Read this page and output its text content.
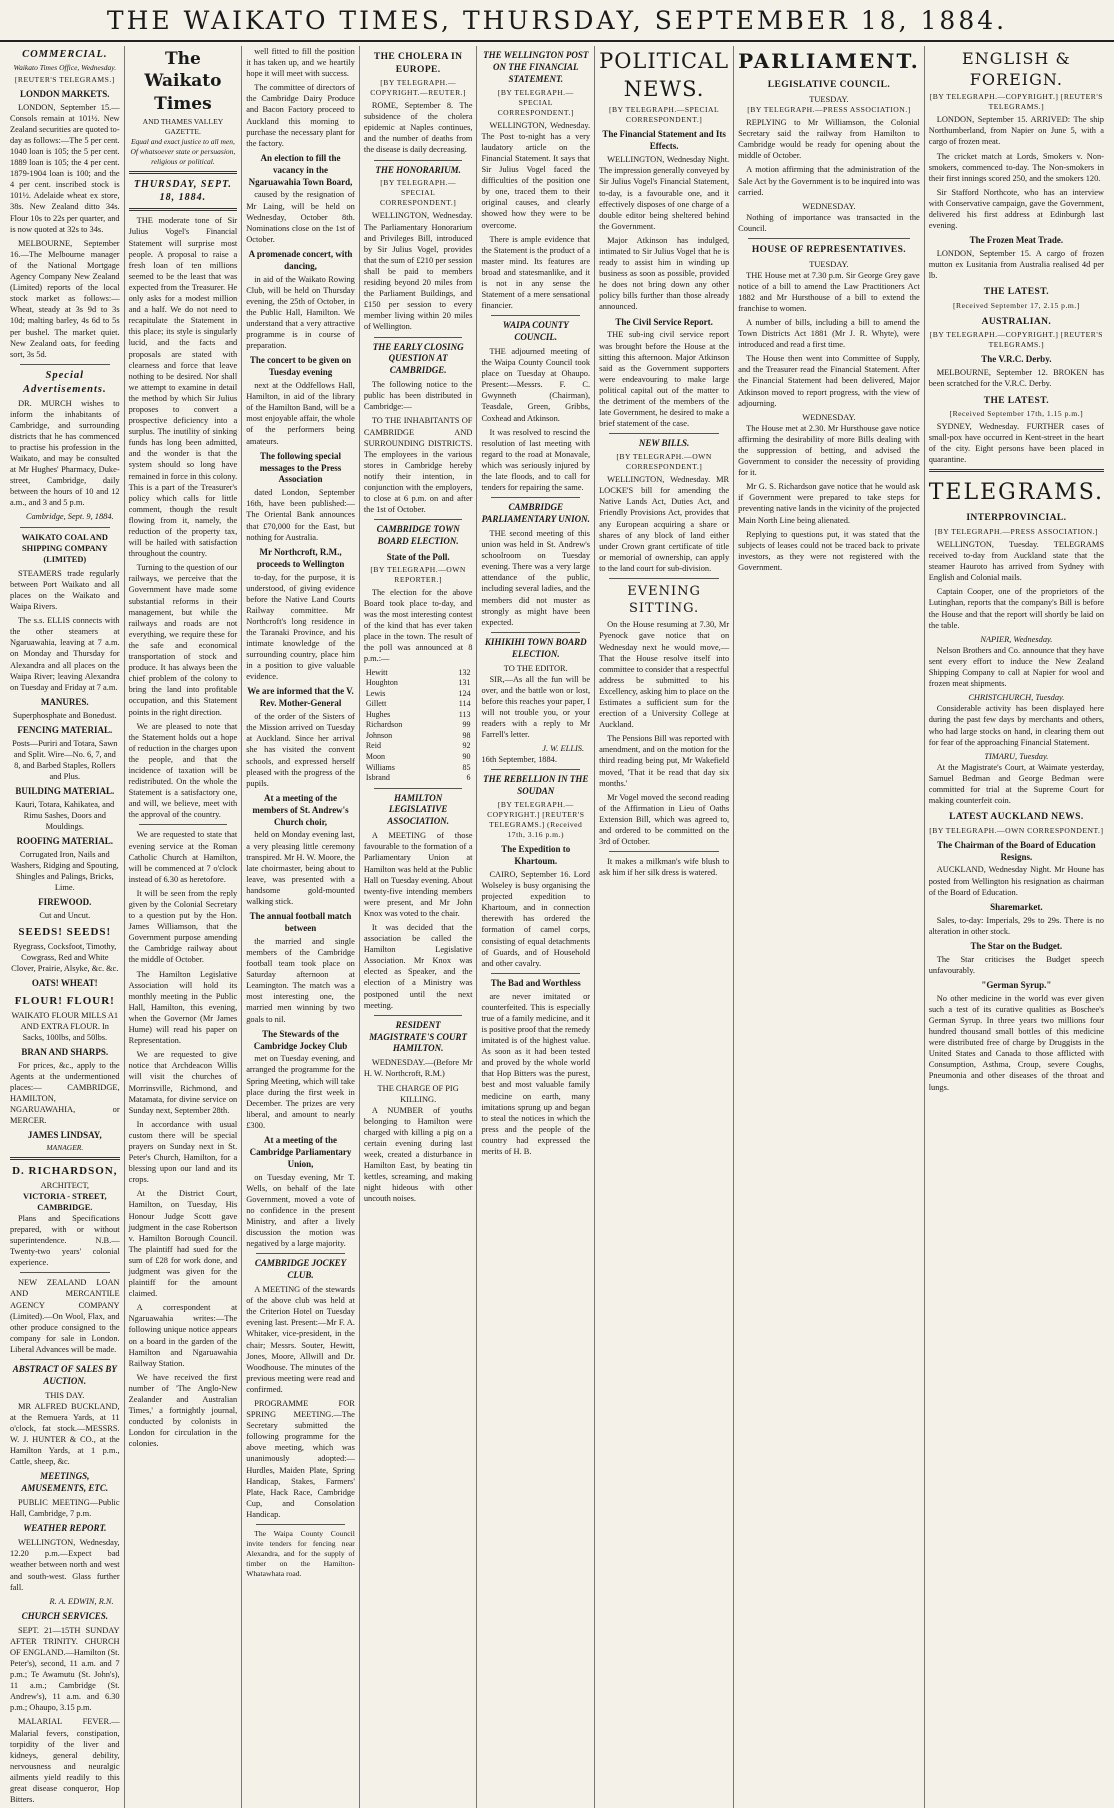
THE WAIKATO TIMES, THURSDAY, SEPTEMBER 18, 1884.
COMMERCIAL.
Waikato Times Office, Wednesday.
[REUTER'S TELEGRAMS.]
LONDON MARKETS.

LONDON, September 15.—Consols remain at 101½. New Zealand securities are quoted to-day as follows:—The 5 per cent. 1040 loan is 105; the 5 per cent. 1889 loan is 105; the 4 per cent. 1879-1904 loan is 100; and the 4 per cent. inscribed stock is 101½. Adelaide wheat ex store, 38s. New Zealand ditto 34s. Flour 10s to 22s per quarter, and is now quoted at 32s to 34s.

MELBOURNE, September 16.—The Melbourne manager of the National Mortgage Agency Company New Zealand (Limited) reports of the local stock market as follows:—Wheat, steady at 3s 9d to 3s 10d; malting barley, 4s 6d to 5s per bushel. The market quiet. New Zealand oats, for feeding sort, 3s 5d.

Special Advertisements.

DR. MURCH wishes to inform the inhabitants of Cambridge, and surrounding districts that he has commenced to practise his profession in the Waikato, and may be consulted at Mr Hughes' Pharmacy, Duke-street, Cambridge, daily between the hours of 10 and 12 a.m., and 3 and 5 p.m.

Cambridge, Sept. 9, 1884.

WAIKATO COAL AND SHIPPING COMPANY (LIMITED)

STEAMERS trade regularly between Port Waikato and all places on the Waikato and Waipa Rivers.

The s.s. ELLIS connects with the other steamers at Ngaruawahia, leaving at 7 a.m. on Monday and Thursday for Alexandra and all places on the Waipa River; leaving Alexandra on Tuesday and Friday at 7 a.m.

MANURES.
Superphosphate and Bonedust.
FENCING MATERIAL.
Posts—Puriri and Totara, Sawn and Split. Wire—No. 6, 7, and 8, and Barbed Staples, Rollers and Plus.
BUILDING MATERIAL.
Kauri, Totara, Kahikatea, and Rimu Sashes, Doors and Mouldings.
ROOFING MATERIAL.
Corrugated Iron, Nails and Washers, Ridging and Spouting, Shingles and Palings, Bricks, Lime.
FIREWOOD.
Cut and Uncut.
SEEDS! SEEDS!
Ryegrass, Cocksfoot, Timothy, Cowgrass, Red and White Clover, Prairie, Alsyke, &c. &c.
OATS! WHEAT!
FLOUR! FLOUR!
WAIKATO FLOUR MILLS A1 AND EXTRA FLOUR. In Sacks, 100lbs, and 50lbs.
BRAN AND SHARPS.

For prices, &c., apply to the Agents at the undermentioned places:— CAMBRIDGE, HAMILTON, NGARUAWAHIA, or MERCER.

JAMES LINDSAY,
MANAGER.
D. RICHARDSON,
ARCHITECT,
VICTORIA - STREET, CAMBRIDGE.

Plans and Specifications prepared, with or without superintendence. N.B.—Twenty-two years' colonial experience.

NEW ZEALAND LOAN AND MERCANTILE AGENCY COMPANY (Limited).—On Wool, Flax, and other produce consigned to the company for sale in London. Liberal Advances will be made.

ABSTRACT OF SALES BY AUCTION.
THIS DAY.

MR ALFRED BUCKLAND, at the Remuera Yards, at 11 o'clock, fat stock.—MESSRS. W. J. HUNTER & CO., at the Hamilton Yards, at 1 p.m., Cattle, sheep, &c.

MEETINGS, AMUSEMENTS, ETC.

PUBLIC MEETING—Public Hall, Cambridge, 7 p.m.

WEATHER REPORT.

WELLINGTON, Wednesday, 12.20 p.m.—Expect bad weather between north and west and south-west. Glass further fall.

R. A. EDWIN, R.N.
CHURCH SERVICES.

SEPT. 21—15TH SUNDAY AFTER TRINITY. CHURCH OF ENGLAND.—Hamilton (St. Peter's), second, 11 a.m. and 7 p.m.; Te Awamutu (St. John's), 11 a.m.; Cambridge (St. Andrew's), 11 a.m. and 6.30 p.m.; Ohaupo, 3.15 p.m.

MALARIAL FEVER.—Malarial fevers, constipation, torpidity of the liver and kidneys, general debility, nervousness and neuralgic ailments yield readily to this great disease conqueror, Hop Bitters.

The Waikato Times
AND THAMES VALLEY GAZETTE.
Equal and exact justice to all men, Of whatsoever state or persuasion, religious or political.
THURSDAY, SEPT. 18, 1884.

THE moderate tone of Sir Julius Vogel's Financial Statement will surprise most people. A proposal to raise a fresh loan of ten millions seemed to be the least that was expected from the Treasurer. He only asks for a modest million and a half. We do not need to recapitulate the Statement in this place; its style is singularly lucid, and the facts and proposals are stated with clearness and force that leave nothing to be desired. Nor shall we attempt to examine in detail the method by which Sir Julius proposes to convert a prospective deficiency into a surplus. The inutility of sinking funds has long been admitted, and the wonder is that the system should so long have remained in force in this colony. This is a part of the Treasurer's policy which calls for little comment, though the result flowing from it, namely, the reduction of the property tax, will be hailed with satisfaction throughout the country.

Turning to the question of our railways, we perceive that the Government have made some substantial reforms in their management, but while the railways and roads are not everything, we require these for the safe and economical transportation of stock and produce. It has always been the chief problem of the colony to bring the land into profitable occupation, and this Statement points in the right direction.

We are pleased to note that the Statement holds out a hope of reduction in the charges upon the people, and that the incidence of taxation will be redistributed. On the whole the Statement is a satisfactory one, and will, we believe, meet with the approval of the country.

We are requested to state that evening service at the Roman Catholic Church at Hamilton, will be commenced at 7 o'clock instead of 6.30 as heretofore.

It will be seen from the reply given by the Colonial Secretary to a question put by the Hon. James Williamson, that the Government purpose amending the Cambridge railway about the middle of October.

The Hamilton Legislative Association will hold its monthly meeting in the Public Hall, Hamilton, this evening, when the Governor (Mr James Hume) will read his paper on Representation.

We are requested to give notice that Archdeacon Willis will visit the churches of Morrinsville, Richmond, and Matamata, for divine service on Sunday next, September 28th.

In accordance with usual custom there will be special prayers on Sunday next in St. Peter's Church, Hamilton, for a blessing upon our land and its crops.

At the District Court, Hamilton, on Tuesday, His Honour Judge Scott gave judgment in the case Robertson v. Hamilton Borough Council. The plaintiff had sued for the sum of £28 for work done, and judgment was given for the plaintiff for the amount claimed.

A correspondent at Ngaruawahia writes:—The following unique notice appears on a board in the garden of the Hamilton and Ngaruawahia Railway Station.

We have received the first number of 'The Anglo-New Zealander and Australian Times,' a fortnightly journal, conducted by colonists in London for circulation in the colonies.

well fitted to fill the position it has taken up, and we heartily hope it will meet with success.

The committee of directors of the Cambridge Dairy Produce and Bacon Factory proceed to Auckland this morning to purchase the necessary plant for the factory.

An election to fill the vacancy in the Ngaruawahia Town Board,

caused by the resignation of Mr Laing, will be held on Wednesday, October 8th. Nominations close on the 1st of October.

A promenade concert, with dancing,

in aid of the Waikato Rowing Club, will be held on Thursday evening, the 25th of October, in the Public Hall, Hamilton. We understand that a very attractive programme is in course of preparation.

The concert to be given on Tuesday evening

next at the Oddfellows Hall, Hamilton, in aid of the library of the Hamilton Band, will be a most enjoyable affair, the whole of the performers being amateurs.

The following special messages to the Press Association

dated London, September 16th, have been published:—The Oriental Bank announces that £70,000 for the East, but nothing for Australia.

Mr Northcroft, R.M., proceeds to Wellington

to-day, for the purpose, it is understood, of giving evidence before the Native Land Courts Railway committee. Mr Northcroft's long residence in the Taranaki Province, and his intimate knowledge of the surrounding country, place him in a position to give valuable evidence.

We are informed that the V. Rev. Mother-General

of the order of the Sisters of the Mission arrived on Tuesday at Auckland. Since her arrival she has visited the convent schools, and expressed herself pleased with the progress of the pupils.

At a meeting of the members of St. Andrew's Church choir,

held on Monday evening last, a very pleasing little ceremony transpired. Mr H. W. Moore, the late choirmaster, being about to leave, was presented with a handsome gold-mounted walking stick.

The annual football match between

the married and single members of the Cambridge football team took place on Saturday afternoon at Leamington. The match was a most interesting one, the married men winning by two goals to nil.

The Stewards of the Cambridge Jockey Club

met on Tuesday evening, and arranged the programme for the Spring Meeting, which will take place during the first week in December. The prizes are very liberal, and amount to nearly £300.

At a meeting of the Cambridge Parliamentary Union,

on Tuesday evening, Mr T. Wells, on behalf of the late Government, moved a vote of no confidence in the present Ministry, and after a lively discussion the motion was negatived by a large majority.

CAMBRIDGE JOCKEY CLUB.

A MEETING of the stewards of the above club was held at the Criterion Hotel on Tuesday evening last. Present:—Mr F. A. Whitaker, vice-president, in the chair; Messrs. Souter, Hewitt, Jones, Moore, Allwill and Dr. Woodhouse. The minutes of the previous meeting were read and confirmed.

PROGRAMME FOR SPRING MEETING.—The Secretary submitted the following programme for the above meeting, which was unanimously adopted:—Hurdles, Maiden Plate, Spring Handicap, Stakes, Farmers' Plate, Hack Race, Cambridge Cup, and Consolation Handicap.

The Waipa County Council invite tenders for fencing near Alexandra, and for the supply of timber on the Hamilton-Whatawhata road.

THE CHOLERA IN EUROPE.
[BY TELEGRAPH.—COPYRIGHT.—REUTER.]

ROME, September 8. The subsidence of the cholera epidemic at Naples continues, and the number of deaths from the disease is daily decreasing.

THE HONORARIUM.
[BY TELEGRAPH.—SPECIAL CORRESPONDENT.]

WELLINGTON, Wednesday. The Parliamentary Honorarium and Privileges Bill, introduced by Sir Julius Vogel, provides that the sum of £210 per session shall be paid to members residing beyond 20 miles from the Parliament Buildings, and £150 per session to every member living within 20 miles of Wellington.

THE EARLY CLOSING QUESTION AT CAMBRIDGE.

The following notice to the public has been distributed in Cambridge:—

TO THE INHABITANTS OF CAMBRIDGE AND SURROUNDING DISTRICTS. The employees in the various stores in Cambridge hereby notify their intention, in conjunction with the employers, to close at 6 p.m. on and after the 1st of October.

CAMBRIDGE TOWN BOARD ELECTION.
State of the Poll.
[BY TELEGRAPH.—OWN REPORTER.]

The election for the above Board took place to-day, and was the most interesting contest of the kind that has ever taken place in the town. The result of the poll was announced at 8 p.m.:—

Hewitt	132
Houghton	131
Lewis	124
Gillett	114
Hughes	113
Richardson	99
Johnson	98
Reid	92
Moon	90
Williams	85
Isbrand	6
HAMILTON LEGISLATIVE ASSOCIATION.

A MEETING of those favourable to the formation of a Parliamentary Union at Hamilton was held at the Public Hall on Tuesday evening. About twenty-five intending members were present, and Mr John Knox was voted to the chair.

It was decided that the association be called the Hamilton Legislative Association. Mr Knox was elected as Speaker, and the election of a Ministry was postponed until the next meeting.

RESIDENT MAGISTRATE'S COURT HAMILTON.

WEDNESDAY.—(Before Mr H. W. Northcroft, R.M.)

THE CHARGE OF PIG KILLING.

A NUMBER of youths belonging to Hamilton were charged with killing a pig on a certain evening during last week, created a disturbance in Hamilton East, by beating tin kettles, screaming, and making night hideous with other uncouth noises.

THE WELLINGTON POST ON THE FINANCIAL STATEMENT.
[BY TELEGRAPH.—SPECIAL CORRESPONDENT.]

WELLINGTON, Wednesday. The Post to-night has a very laudatory article on the Financial Statement. It says that Sir Julius Vogel faced the difficulties of the position one by one, traced them to their original causes, and clearly showed how they were to be overcome.

There is ample evidence that the Statement is the product of a master mind. Its features are broad and statesmanlike, and it is not in any sense the Statement of a mere sensational financier.

WAIPA COUNTY COUNCIL.

THE adjourned meeting of the Waipa County Council took place on Tuesday at Ohaupo. Present:—Messrs. F. C. Gwynneth (Chairman), Teasdale, Green, Gribbs, Coxhead and Atkinson.

It was resolved to rescind the resolution of last meeting with regard to the road at Monavale, which was seriously injured by the late floods, and to call for tenders for repairing the same.

CAMBRIDGE PARLIAMENTARY UNION.

THE second meeting of this union was held in St. Andrew's schoolroom on Tuesday evening. There was a very large attendance of the public, including several ladies, and the members did not muster as strongly as might have been expected.

KIHIKIHI TOWN BOARD ELECTION.
TO THE EDITOR.

SIR,—As all the fun will be over, and the battle won or lost, before this reaches your paper, I will not trouble you, or your readers with a reply to Mr Farrell's letter.

J. W. ELLIS.
16th September, 1884.
THE REBELLION IN THE SOUDAN
[BY TELEGRAPH.—COPYRIGHT.] [REUTER'S TELEGRAMS.] (Received 17th, 3.16 p.m.)
The Expedition to Khartoum.

CAIRO, September 16. Lord Wolseley is busy organising the projected expedition to Khartoum, and in connection therewith has ordered the formation of camel corps, consisting of equal detachments of Guards, and of Household and other cavalry.

The Bad and Worthless

are never imitated or counterfeited. This is especially true of a family medicine, and it is positive proof that the remedy imitated is of the highest value. As soon as it had been tested and proved by the whole world that Hop Bitters was the purest, best and most valuable family medicine on earth, many imitations sprung up and began to steal the notices in which the press and the people of the country had expressed the merits of H. B.

POLITICAL NEWS.
[BY TELEGRAPH.—SPECIAL CORRESPONDENT.]
The Financial Statement and Its Effects.

WELLINGTON, Wednesday Night. The impression generally conveyed by Sir Julius Vogel's Financial Statement, to-day, is a favourable one, and it effectively disposes of one charge of a double editor being sheltered behind the Government.

Major Atkinson has indulged, intimated to Sir Julius Vogel that he is ready to assist him in winding up business as soon as possible, provided he does not bring down any other policy bills further than those already announced.

The Civil Service Report.

THE sub-ing civil service report was brought before the House at the sitting this afternoon. Major Atkinson said as the Government supporters were endeavouring to make large political capital out of the matter to the detriment of the members of the late Government, he desired to make a brief statement of the case.

NEW BILLS.
[BY TELEGRAPH.—OWN CORRESPONDENT.]

WELLINGTON, Wednesday. MR LOCKE'S bill for amending the Native Lands Act, Duties Act, and Friendly Provisions Act, provides that any European acquiring a share or shares of any block of land either under Crown grant certificate of title or memorial of ownership, can apply to the land court for sub-division.

EVENING SITTING.

On the House resuming at 7.30, Mr Pyenock gave notice that on Wednesday next he would move,—That the House resolve itself into committee to consider that a respectful address be submitted to his Excellency, asking him to place on the Estimates a sufficient sum for the erection of a University College at Auckland.

The Pensions Bill was reported with amendment, and on the motion for the third reading being put, Mr Wakefield moved, 'That it be read that day six months.'

Mr Vogel moved the second reading of the Affirmation in Lieu of Oaths Extension Bill, which was agreed to, and ordered to be committed on the 3rd of October.

It makes a milkman's wife blush to ask him if her silk dress is watered.

PARLIAMENT.
LEGISLATIVE COUNCIL.
TUESDAY.
[BY TELEGRAPH.—PRESS ASSOCIATION.]

REPLYING to Mr Williamson, the Colonial Secretary said the railway from Hamilton to Cambridge would be ready for opening about the middle of October.

A motion affirming that the administration of the Sale Act by the Government is to be inquired into was carried.

WEDNESDAY.

Nothing of importance was transacted in the Council.

HOUSE OF REPRESENTATIVES.
TUESDAY.

THE House met at 7.30 p.m. Sir George Grey gave notice of a bill to amend the Law Practitioners Act 1882 and Mr Hursthouse of a bill to extend the franchise to women.

A number of bills, including a bill to amend the Town Districts Act 1881 (Mr J. R. Whyte), were introduced and read a first time.

The House then went into Committee of Supply, and the Treasurer read the Financial Statement. After the Financial Statement had been delivered, Major Atkinson moved to report progress, with the view of adjourning.

WEDNESDAY.

The House met at 2.30. Mr Hursthouse gave notice affirming the desirability of more Bills dealing with the suppression of betting, and advised the Government to consider the necessity of providing for it.

Mr G. S. Richardson gave notice that he would ask if Government were prepared to take steps for preventing native lands in the vicinity of the projected Main North Line being alienated.

Replying to questions put, it was stated that the subjects of leases could not be traced back to private investors, as they were not registered with the Government.

ENGLISH & FOREIGN.
[BY TELEGRAPH.—COPYRIGHT.] [REUTER'S TELEGRAMS.]

LONDON, September 15. ARRIVED: The ship Northumberland, from Napier on June 5, with a cargo of frozen meat.

The cricket match at Lords, Smokers v. Non-smokers, commenced to-day. The Non-smokers in their first innings scored 250, and the smokers 120.

Sir Stafford Northcote, who has an interview with Conservative campaign, gave the Government, delivered his first address at Edinburgh last evening.

The Frozen Meat Trade.

LONDON, September 15. A cargo of frozen mutton ex Lusitania from Australia realised 4d per lb.

THE LATEST.
[Received September 17, 2.15 p.m.]
AUSTRALIAN.
[BY TELEGRAPH.—COPYRIGHT.] [REUTER'S TELEGRAMS.]
The V.R.C. Derby.

MELBOURNE, September 12. BROKEN has been scratched for the V.R.C. Derby.

THE LATEST.
[Received September 17th, 1.15 p.m.]

SYDNEY, Wednesday. FURTHER cases of small-pox have occurred in Kent-street in the heart of the city. Eight persons have been placed in quarantine.

TELEGRAMS.
INTERPROVINCIAL.
[BY TELEGRAPH.—PRESS ASSOCIATION.]

WELLINGTON, Tuesday. TELEGRAMS received to-day from Auckland state that the steamer Hauroto has arrived from Sydney with English and Colonial mails.

Captain Cooper, one of the proprietors of the Lutinghan, reports that the company's Bill is before the House and that the report will shortly be laid on the table.

NAPIER, Wednesday.

Nelson Brothers and Co. announce that they have sent every effort to induce the New Zealand Shipping Company to call at Napier for wool and frozen meat shipments.

CHRISTCHURCH, Tuesday.

Considerable activity has been displayed here during the past few days by merchants and others, who had large stocks on hand, in clearing them out for fear of the approaching Financial Statement.

TIMARU, Tuesday.

At the Magistrate's Court, at Waimate yesterday, Samuel Bedman and George Bedman were committed for trial at the Supreme Court for making counterfeit coin.

LATEST AUCKLAND NEWS.
[BY TELEGRAPH.—OWN CORRESPONDENT.]
The Chairman of the Board of Education Resigns.

AUCKLAND, Wednesday Night. Mr Houne has posted from Wellington his resignation as chairman of the Board of Education.

Sharemarket.

Sales, to-day: Imperials, 29s to 29s. There is no alteration in other stock.

The Star on the Budget.

The Star criticises the Budget speech unfavourably.

"German Syrup."

No other medicine in the world was ever given such a test of its curative qualities as Boschee's German Syrup. In three years two millions four hundred thousand small bottles of this medicine were distributed free of charge by Druggists in the United States and Canada to those afflicted with Consumption, Asthma, Croup, severe Coughs, Pneumonia and other diseases of the throat and lungs.
